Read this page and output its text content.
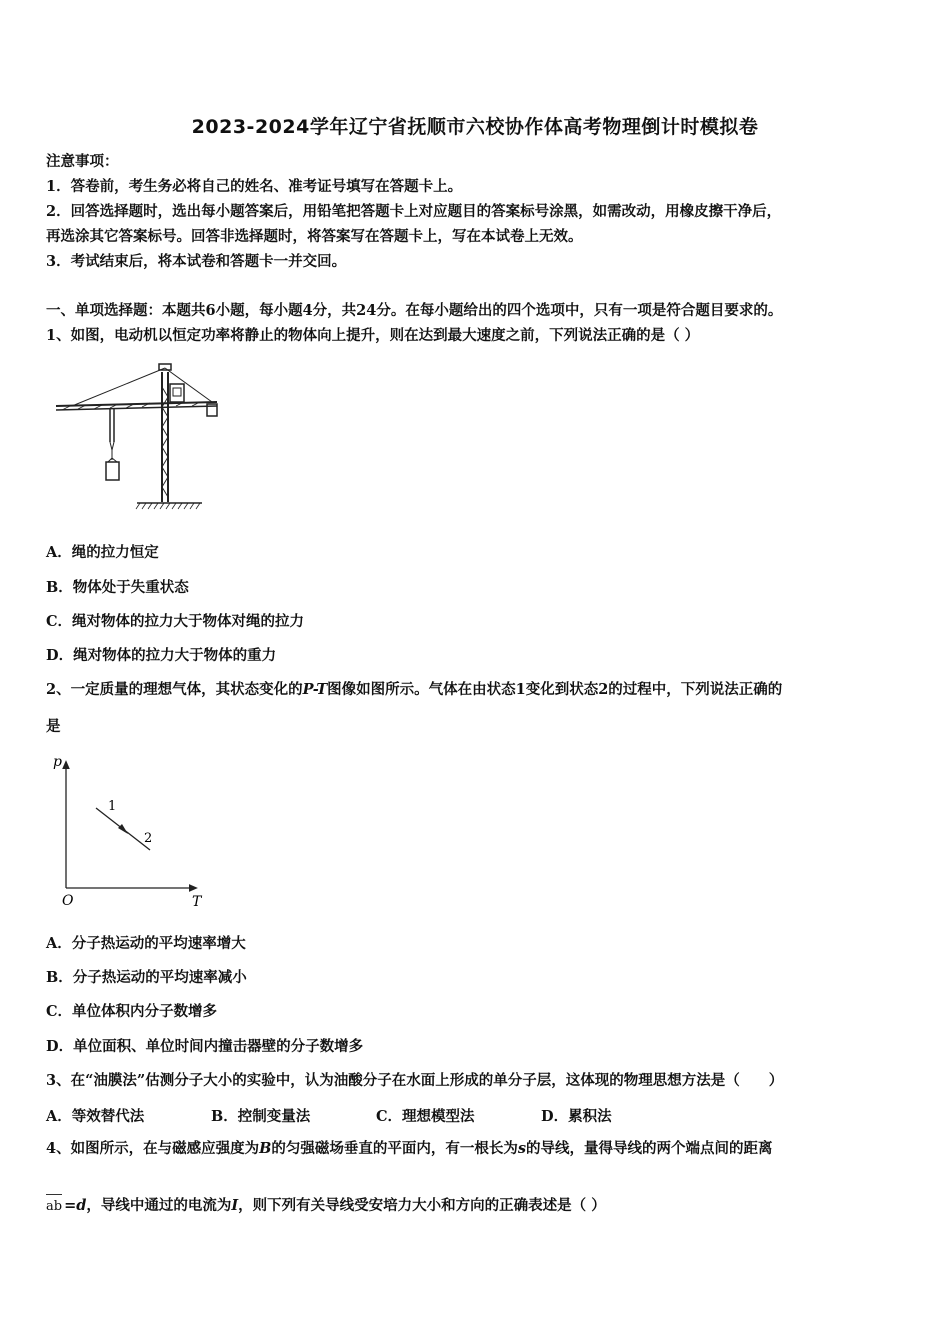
2023-2024学年辽宁省抚顺市六校协作体高考物理倒计时模拟卷
注意事项：
1．答卷前，考生务必将自己的姓名、准考证号填写在答题卡上。
2．回答选择题时，选出每小题答案后，用铅笔把答题卡上对应题目的答案标号涂黑，如需改动，用橡皮擦干净后，
再选涂其它答案标号。回答非选择题时，将答案写在答题卡上，写在本试卷上无效。
3．考试结束后，将本试卷和答题卡一并交回。
一、单项选择题：本题共6小题，每小题4分，共24分。在每小题给出的四个选项中，只有一项是符合题目要求的。
1、如图，电动机以恒定功率将静止的物体向上提升，则在达到最大速度之前，下列说法正确的是（ ）
A．绳的拉力恒定
B．物体处于失重状态
C．绳对物体的拉力大于物体对绳的拉力
D．绳对物体的拉力大于物体的重力
2、一定质量的理想气体，其状态变化的P-T图像如图所示。气体在由状态1变化到状态2的过程中，下列说法正确的
是
p
T
O
1
2
A．分子热运动的平均速率增大
B．分子热运动的平均速率减小
C．单位体积内分子数增多
D．单位面积、单位时间内撞击器壁的分子数增多
3、在“油膜法”估测分子大小的实验中，认为油酸分子在水面上形成的单分子层，这体现的物理思想方法是（　　）
A．等效替代法	B．控制变量法	C．理想模型法	D．累积法
4、如图所示，在与磁感应强度为B的匀强磁场垂直的平面内，有一根长为s的导线，量得导线的两个端点间的距离
ab =d，导线中通过的电流为I，则下列有关导线受安培力大小和方向的正确表述是（ ）
